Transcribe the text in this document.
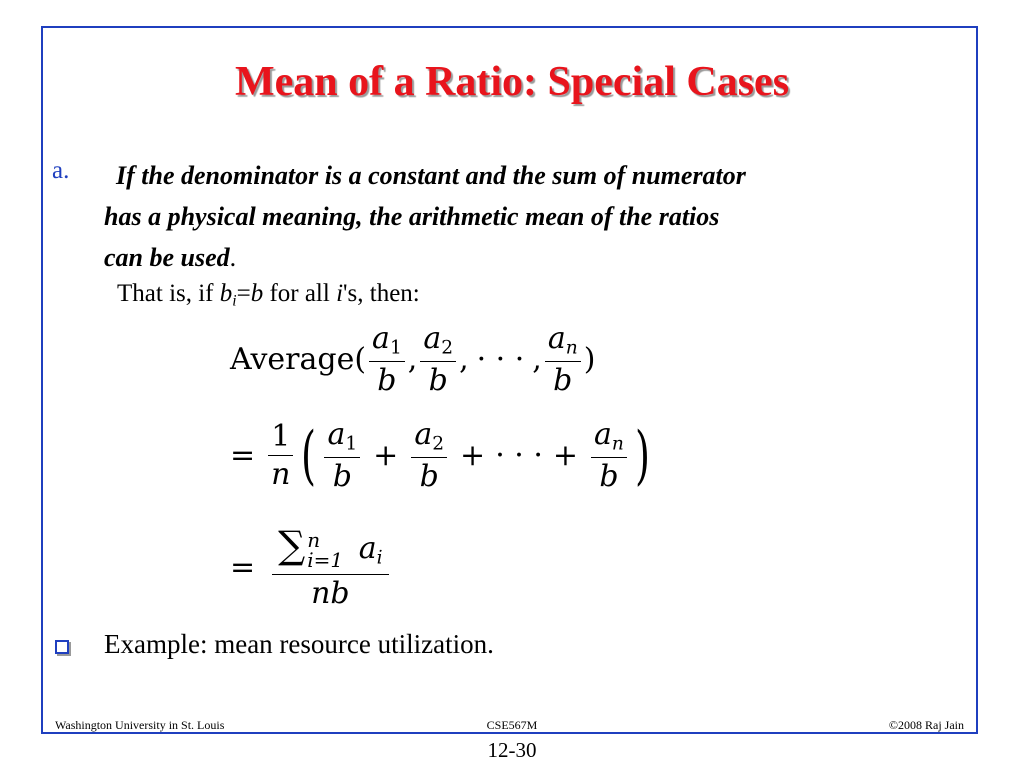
Mean of a Ratio: Special Cases
a.	If the denominator is a constant and the sum of numerator
has a physical meaning, the arithmetic mean of the ratios
can be used.
That is, if $b_i=b$ for all i's, then:
Average( $\frac{a_1}{b}$ , $\frac{a_2}{b}$ , · · · , $\frac{a_n}{b}$ )
= $\frac{1}{n}$ ( $\frac{a_1}{b} + \frac{a_2}{b}$ + · · · + $\frac{a_n}{b}$ )
= ∑ n
i=1 $a_i$
nb
Example: mean resource utilization.
Washington University in St. Louis	CSE567M	©2008 Raj Jain
12-30
